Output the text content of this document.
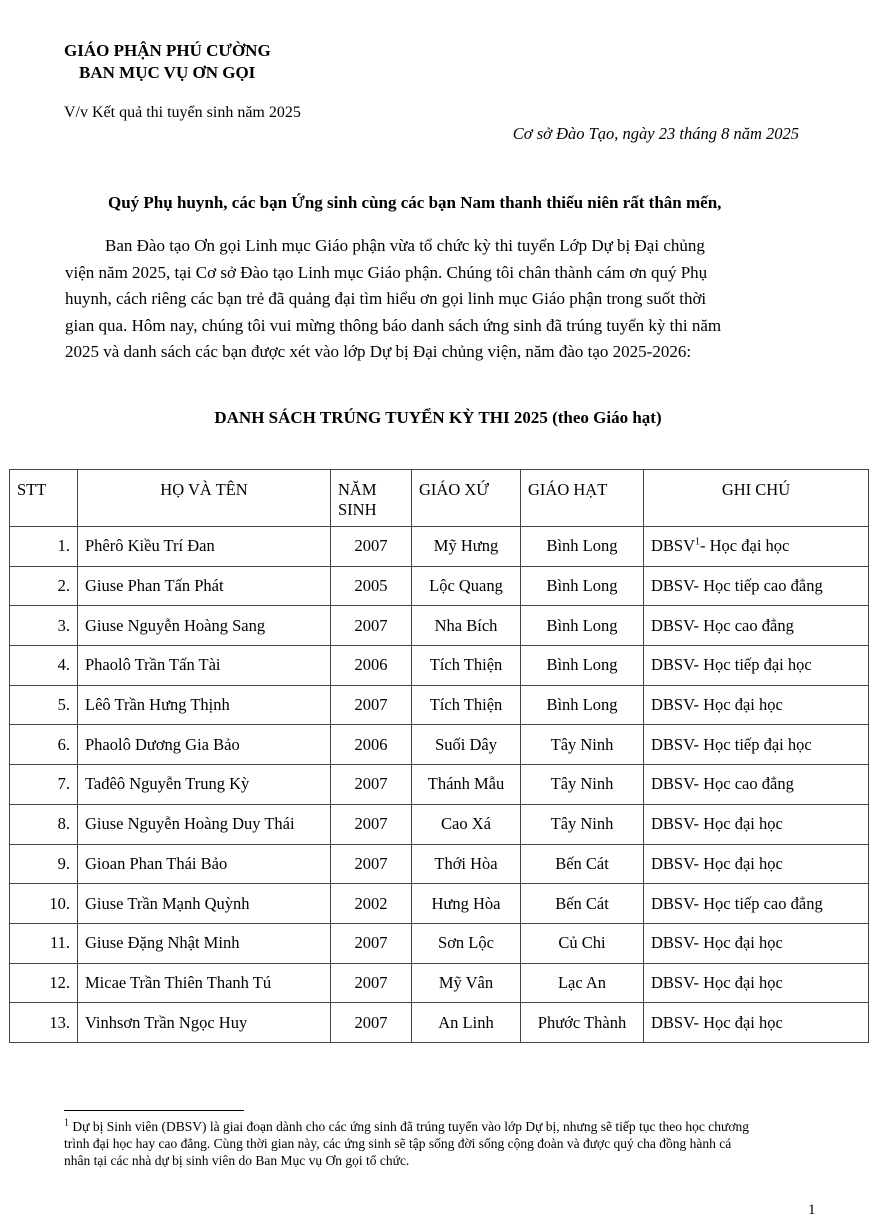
GIÁO PHẬN PHÚ CƯỜNG
BAN MỤC VỤ ƠN GỌI
V/v Kết quả thi tuyển sinh năm 2025
Cơ sở Đào Tạo, ngày 23 tháng 8 năm 2025
Quý Phụ huynh, các bạn Ứng sinh cùng các bạn Nam thanh thiếu niên rất thân mến,
Ban Đào tạo Ơn gọi Linh mục Giáo phận vừa tổ chức kỳ thi tuyển Lớp Dự bị Đại chủng
viện năm 2025, tại Cơ sở Đào tạo Linh mục Giáo phận. Chúng tôi chân thành cám ơn quý Phụ
huynh, cách riêng các bạn trẻ đã quảng đại tìm hiểu ơn gọi linh mục Giáo phận trong suốt thời
gian qua. Hôm nay, chúng tôi vui mừng thông báo danh sách ứng sinh đã trúng tuyển kỳ thi năm
2025 và danh sách các bạn được xét vào lớp Dự bị Đại chủng viện, năm đào tạo 2025-2026:
DANH SÁCH TRÚNG TUYỂN KỲ THI 2025 (theo Giáo hạt)
STT	HỌ VÀ TÊN	NĂM SINH	GIÁO XỨ	GIÁO HẠT	GHI CHÚ
1.	Phêrô Kiều Trí Đan	2007	Mỹ Hưng	Bình Long	DBSV$^1$- Học đại học
2.	Giuse Phan Tấn Phát	2005	Lộc Quang	Bình Long	DBSV- Học tiếp cao đẳng
3.	Giuse Nguyễn Hoàng Sang	2007	Nha Bích	Bình Long	DBSV- Học cao đẳng
4.	Phaolô Trần Tấn Tài	2006	Tích Thiện	Bình Long	DBSV- Học tiếp đại học
5.	Lêô Trần Hưng Thịnh	2007	Tích Thiện	Bình Long	DBSV- Học đại học
6.	Phaolô Dương Gia Bảo	2006	Suối Dây	Tây Ninh	DBSV- Học tiếp đại học
7.	Tađêô Nguyễn Trung Kỳ	2007	Thánh Mẫu	Tây Ninh	DBSV- Học cao đẳng
8.	Giuse Nguyễn Hoàng Duy Thái	2007	Cao Xá	Tây Ninh	DBSV- Học đại học
9.	Gioan Phan Thái Bảo	2007	Thới Hòa	Bến Cát	DBSV- Học đại học
10.	Giuse Trần Mạnh Quỳnh	2002	Hưng Hòa	Bến Cát	DBSV- Học tiếp cao đẳng
11.	Giuse Đặng Nhật Minh	2007	Sơn Lộc	Củ Chi	DBSV- Học đại học
12.	Micae Trần Thiên Thanh Tú	2007	Mỹ Vân	Lạc An	DBSV- Học đại học
13.	Vinhsơn Trần Ngọc Huy	2007	An Linh	Phước Thành	DBSV- Học đại học
$^1$ Dự bị Sinh viên (DBSV) là giai đoạn dành cho các ứng sinh đã trúng tuyển vào lớp Dự bị, nhưng sẽ tiếp tục theo học chương
trình đại học hay cao đẳng. Cùng thời gian này, các ứng sinh sẽ tập sống đời sống cộng đoàn và được quý cha đồng hành cá
nhân tại các nhà dự bị sinh viên do Ban Mục vụ Ơn gọi tổ chức.
1
